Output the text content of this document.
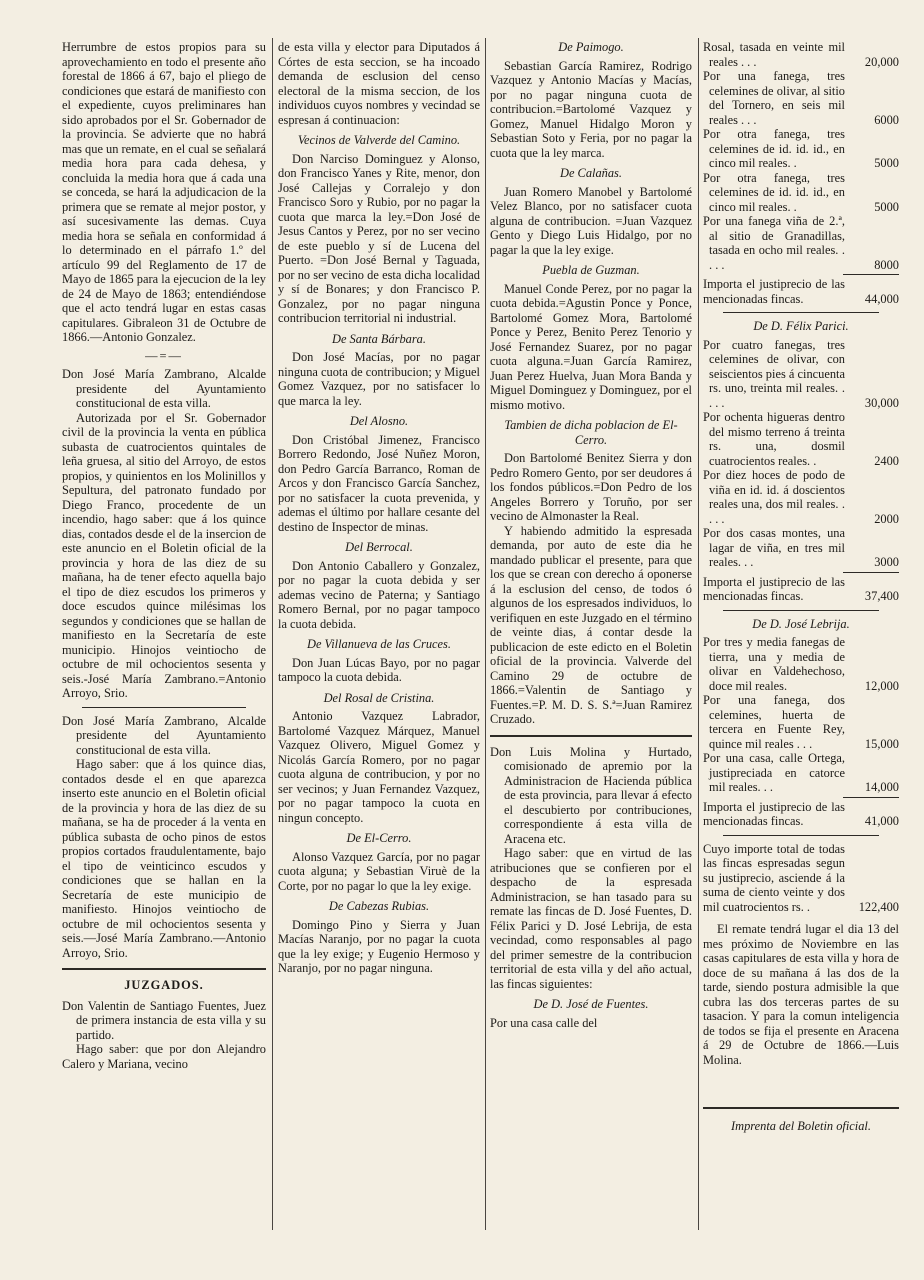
Herrumbre de estos propios para su aprovechamiento en todo el presente año forestal de 1866 á 67, bajo el pliego de condiciones que estará de manifiesto con el expediente, cuyos preliminares han sido aprobados por el Sr. Gobernador de la provincia. Se advierte que no habrá mas que un remate, en el cual se señalará media hora para cada dehesa, y concluida la media hora que á cada una se conceda, se hará la adjudicacion de la primera que se remate al mejor postor, y así sucesivamente las demas. Cuya media hora se señala en conformidad á lo determinado en el párrafo 1.º del artículo 99 del Reglamento de 17 de Mayo de 1865 para la ejecucion de la ley de 24 de Mayo de 1863; entendiéndose que el acto tendrá lugar en estas casas capitulares. Gibraleon 31 de Octubre de 1866.—Antonio Gonzalez.

—=—

Don José María Zambrano, Alcalde presidente del Ayuntamiento constitucional de esta villa.

Autorizada por el Sr. Gobernador civil de la provincia la venta en pública subasta de cuatrocientos quintales de leña gruesa, al sitio del Arroyo, de estos propios, y quinientos en los Molinillos y Sepultura, del patronato fundado por Diego Franco, procedente de un incendio, hago saber: que á los quince dias, contados desde el de la insercion de este anuncio en el Boletin oficial de la provincia y hora de las diez de su mañana, ha de tener efecto aquella bajo el tipo de diez escudos los primeros y doce escudos quince milésimas los segundos y condiciones que se hallan de manifiesto en la Secretaría de este municipio. Hinojos veintiocho de octubre de mil ochocientos sesenta y seis.-José María Zambrano.=Antonio Arroyo, Srio.

Don José María Zambrano, Alcalde presidente del Ayuntamiento constitucional de esta villa.

Hago saber: que á los quince dias, contados desde el en que aparezca inserto este anuncio en el Boletin oficial de la provincia y hora de las diez de su mañana, se ha de proceder á la venta en pública subasta de ocho pinos de estos propios cortados fraudulentamente, bajo el tipo de veinticinco escudos y condiciones que se hallan en la Secretaría de este municipio de manifiesto. Hinojos veintiocho de octubre de mil ochocientos sesenta y seis.—José María Zambrano.—Antonio Arroyo, Srio.

JUZGADOS.

Don Valentin de Santiago Fuentes, Juez de primera instancia de esta villa y su partido.

Hago saber: que por don Alejandro Calero y Mariana, vecino

de esta villa y elector para Diputados á Córtes de esta seccion, se ha incoado demanda de esclusion del censo electoral de la misma seccion, de los individuos cuyos nombres y vecindad se espresan á continuacion:

Vecinos de Valverde del Camino.

Don Narciso Dominguez y Alonso, don Francisco Yanes y Rite, menor, don José Callejas y Corralejo y don Francisco Soro y Rubio, por no pagar la cuota que marca la ley.=Don José de Jesus Cantos y Perez, por no ser vecino de este pueblo y sí de Lucena del Puerto. =Don José Bernal y Taguada, por no ser vecino de esta dicha localidad y sí de Bonares; y don Francisco P. Gonzalez, por no pagar ninguna contribucion territorial ni industrial.

De Santa Bárbara.

Don José Macías, por no pagar ninguna cuota de contribucion; y Miguel Gomez Vazquez, por no satisfacer lo que marca la ley.

Del Alosno.

Don Cristóbal Jimenez, Francisco Borrero Redondo, José Nuñez Moron, don Pedro García Barranco, Roman de Arcos y don Francisco García Sanchez, por no satisfacer la cuota prevenida, y ademas el último por hallare cesante del destino de Inspector de minas.

Del Berrocal.

Don Antonio Caballero y Gonzalez, por no pagar la cuota debida y ser ademas vecino de Paterna; y Santiago Romero Bernal, por no pagar tampoco la cuota debida.

De Villanueva de las Cruces.

Don Juan Lúcas Bayo, por no pagar tampoco la cuota debida.

Del Rosal de Cristina.

Antonio Vazquez Labrador, Bartolomé Vazquez Márquez, Manuel Vazquez Olivero, Miguel Gomez y Nicolás García Romero, por no pagar cuota alguna de contribucion, y por no ser vecinos; y Juan Fernandez Vazquez, por no pagar tampoco la cuota en ningun concepto.

De El-Cerro.

Alonso Vazquez García, por no pagar cuota alguna; y Sebastian Viruè de la Corte, por no pagar lo que la ley exige.

De Cabezas Rubias.

Domingo Pino y Sierra y Juan Macías Naranjo, por no pagar la cuota que la ley exige; y Eugenio Hermoso y Naranjo, por no pagar ninguna.

De Paimogo.

Sebastian García Ramirez, Rodrigo Vazquez y Antonio Macías y Macías, por no pagar ninguna cuota de contribucion.=Bartolomé Vazquez y Gomez, Manuel Hidalgo Moron y Sebastian Soto y Feria, por no pagar la cuota que la ley marca.

De Calañas.

Juan Romero Manobel y Bartolomé Velez Blanco, por no satisfacer cuota alguna de contribucion. =Juan Vazquez Gento y Diego Luis Hidalgo, por no pagar la que la ley exige.

Puebla de Guzman.

Manuel Conde Perez, por no pagar la cuota debida.=Agustin Ponce y Ponce, Bartolomé Gomez Mora, Bartolomé Ponce y Perez, Benito Perez Tenorio y José Fernandez Suarez, por no pagar cuota alguna.=Juan García Ramirez, Juan Perez Huelva, Juan Mora Banda y Miguel Dominguez y Dominguez, por el mismo motivo.

Tambien de dicha poblacion de El-Cerro.

Don Bartolomé Benitez Sierra y don Pedro Romero Gento, por ser deudores á los fondos públicos.=Don Pedro de los Angeles Borrero y Toruño, por ser vecino de Almonaster la Real.

Y habiendo admitido la espresada demanda, por auto de este dia he mandado publicar el presente, para que los que se crean con derecho á oponerse á la esclusion del censo, de todos ó algunos de los espresados individuos, lo verifiquen en este Juzgado en el término de veinte dias, á contar desde la publicacion de este edicto en el Boletin oficial de la provincia. Valverde del Camino 29 de octubre de 1866.=Valentin de Santiago y Fuentes.=P. M. D. S. S.ª=Juan Ramirez Cruzado.

Don Luis Molina y Hurtado, comisionado de apremio por la Administracion de Hacienda pública de esta provincia, para llevar á efecto el descubierto por contribuciones, correspondiente á esta villa de Aracena etc.

Hago saber: que en virtud de las atribuciones que se confieren por el despacho de la espresada Administracion, se han tasado para su remate las fincas de D. José Fuentes, D. Félix Parici y D. José Lebrija, de esta vecindad, como responsables al pago del primer semestre de la contribucion territorial de esta villa y del año actual, las fincas siguientes:

De D. José de Fuentes.

Por una casa calle del

Rosal, tasada en veinte mil reales . . .	20,000
Por una fanega, tres celemines de olivar, al sitio del Tornero, en seis mil reales . . .	6000
Por otra fanega, tres celemines de id. id. id., en cinco mil reales. .	5000
Por otra fanega, tres celemines de id. id. id., en cinco mil reales. .	5000
Por una fanega viña de 2.ª, al sitio de Granadillas, tasada en ocho mil reales. . . . .	8000
Importa el justiprecio de las mencionadas fincas.	44,000
De D. Félix Parici.
Por cuatro fanegas, tres celemines de olivar, con seiscientos pies á cincuenta rs. uno, treinta mil reales. . . . .	30,000
Por ochenta higueras dentro del mismo terreno á treinta rs. una, dosmil cuatrocientos reales. .	2400
Por diez hoces de podo de viña en id. id. á doscientos reales una, dos mil reales. . . . .	2000
Por dos casas montes, una lagar de viña, en tres mil reales. . .	3000
Importa el justiprecio de las mencionadas fincas.	37,400
De D. José Lebrija.
Por tres y media fanegas de tierra, una y media de olivar en Valdehechoso, doce mil reales.	12,000
Por una fanega, dos celemines, huerta de tercera en Fuente Rey, quince mil reales . . .	15,000
Por una casa, calle Ortega, justipreciada en catorce mil reales. . .	14,000
Importa el justiprecio de las mencionadas fincas.	41,000
Cuyo importe total de todas las fincas espresadas segun su justiprecio, asciende á la suma de ciento veinte y dos mil cuatrocientos rs. .	122,400

El remate tendrá lugar el dia 13 del mes próximo de Noviembre en las casas capitulares de esta villa y hora de doce de su mañana á las dos de la tarde, siendo postura admisible la que cubra las dos terceras partes de su tasacion. Y para la comun inteligencia de todos se fija el presente en Aracena á 29 de Octubre de 1866.—Luis Molina.

Imprenta del Boletin oficial.
